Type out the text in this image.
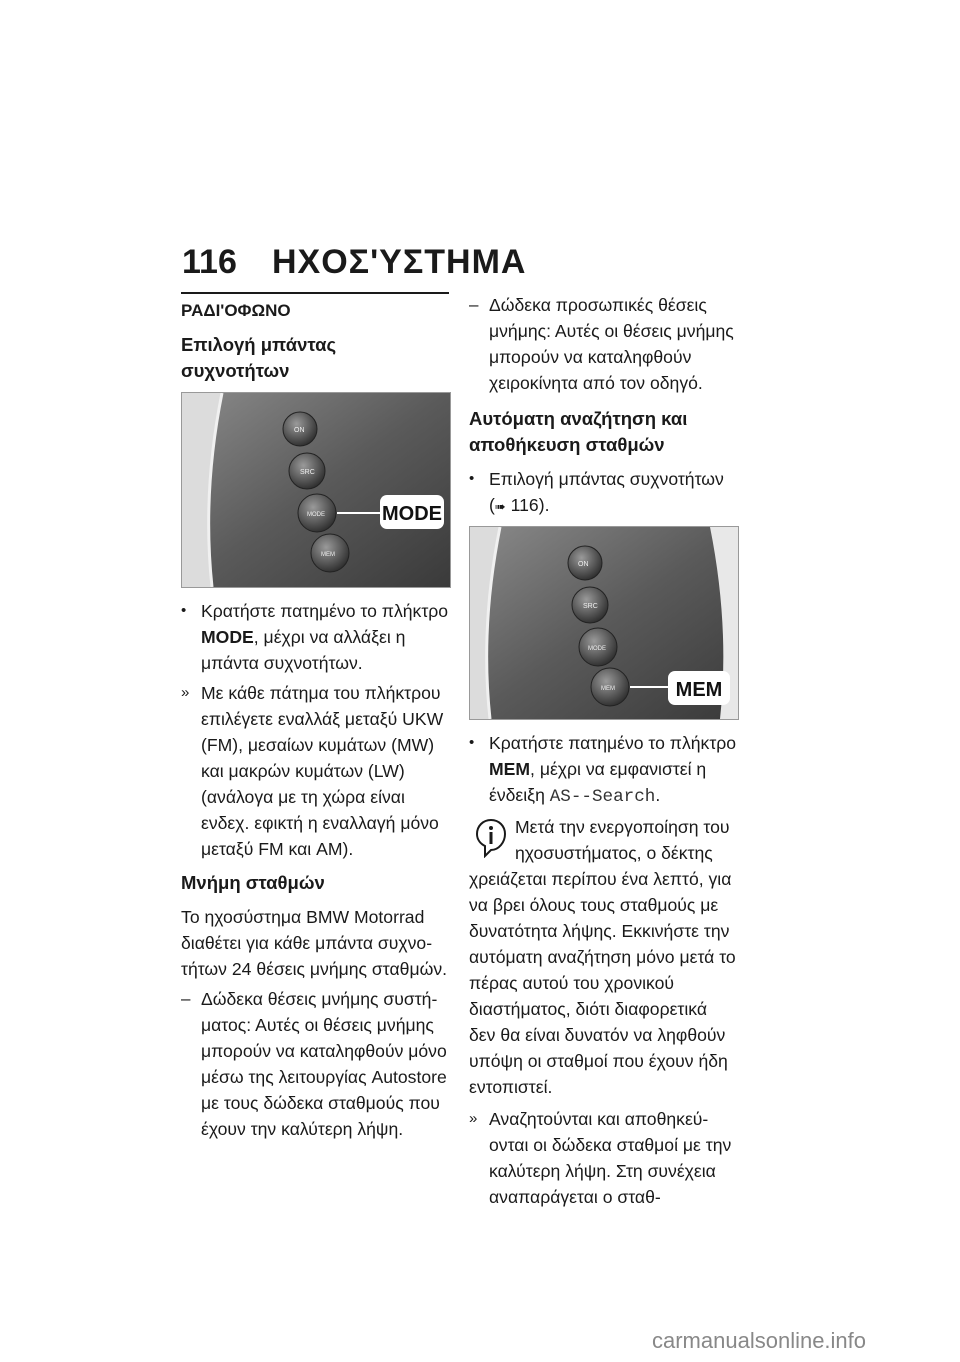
116 ΗΧΟΣ'ΥΣΤΗΜΑ
ΡΑΔΙ'ΟΦΩΝΟ
Επιλογή μπάντας συχνοτήτων
ON
SRC
MODE
MEM
MODE
• Κρατήστε πατημένο το πλήκτρο MODE, μέχρι να αλλάξει η μπάντα συχνοτήτων.
» Με κάθε πάτημα του πλήκτρου επιλέγετε εναλλάξ μεταξύ UKW (FM), μεσαίων κυμάτων (MW) και μακρών κυμάτων (LW) (ανάλογα με τη χώρα είναι ενδεχ. εφικτή η εναλλαγή μόνο μεταξύ FM και AM).
Μνήμη σταθμών
Το ηχοσύστημα BMW Motorrad διαθέτει για κάθε μπάντα συχνοτήτων 24 θέσεις μνήμης σταθμών.
– Δώδεκα θέσεις μνήμης συστήματος: Αυτές οι θέσεις μνήμης μπορούν να καταληφθούν μόνο μέσω της λειτουργίας Autostore με τους δώδεκα σταθμούς που έχουν την καλύτερη λήψη.
– Δώδεκα προσωπικές θέσεις μνήμης: Αυτές οι θέσεις μνήμης μπορούν να καταληφθούν χειροκίνητα από τον οδηγό.
Αυτόματη αναζήτηση και αποθήκευση σταθμών
• Επιλογή μπάντας συχνοτήτων
(➠ 116).
ON
SRC
MODE
MEM	MEM
• Κρατήστε πατημένο το πλήκτρο MEM, μέχρι να εμφανιστεί η ένδειξη AS--Search.
Μετά την ενεργοποίηση του ηχοσυστήματος, ο δέκτης χρειάζεται περίπου ένα λεπτό, για να βρει όλους τους σταθμούς με δυνατότητα λήψης. Εκκινήστε την αυτόματη αναζήτηση μόνο μετά το πέρας αυτού του χρονικού διαστήματος, διότι διαφορετικά δεν θα είναι δυνατόν να ληφθούν υπόψη οι σταθμοί που έχουν ήδη εντοπιστεί.
» Αναζητούνται και αποθηκεύονται οι δώδεκα σταθμοί με την καλύτερη λήψη. Στη συνέχεια αναπαράγεται ο σταθ-
carmanualsonline.info
